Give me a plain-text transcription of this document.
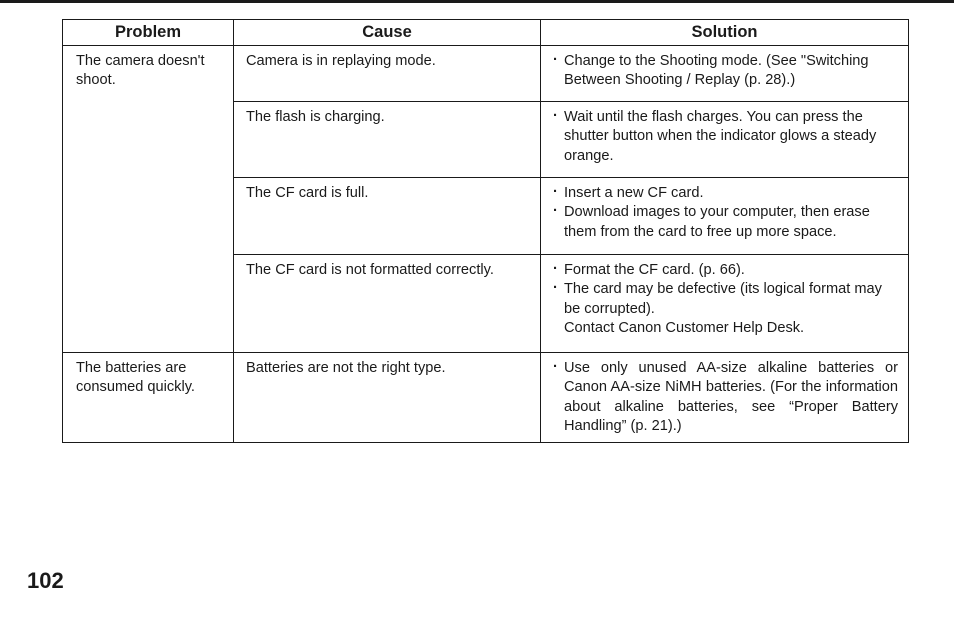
Problem	Cause	Solution

The camera doesn't shoot.	Camera is in replaying mode.	· Change to the Shooting mode. (See "Switching Between Shooting / Replay (p. 28).)

	The flash is charging.	· Wait until the flash charges. You can press the shutter button when the indicator glows a steady orange.

	The CF card is full.	· Insert a new CF card.
· Download images to your computer, then erase them from the card to free up more space.

	The CF card is not formatted correctly.	· Format the CF card. (p. 66).
· The card may be defective (its logical format may be corrupted).
Contact Canon Customer Help Desk.

The batteries are consumed quickly.	Batteries are not the right type.	· Use only unused AA-size alkaline batteries or Canon AA-size NiMH batteries. (For the information about alkaline batteries, see “Proper Battery Handling” (p. 21).)
102
